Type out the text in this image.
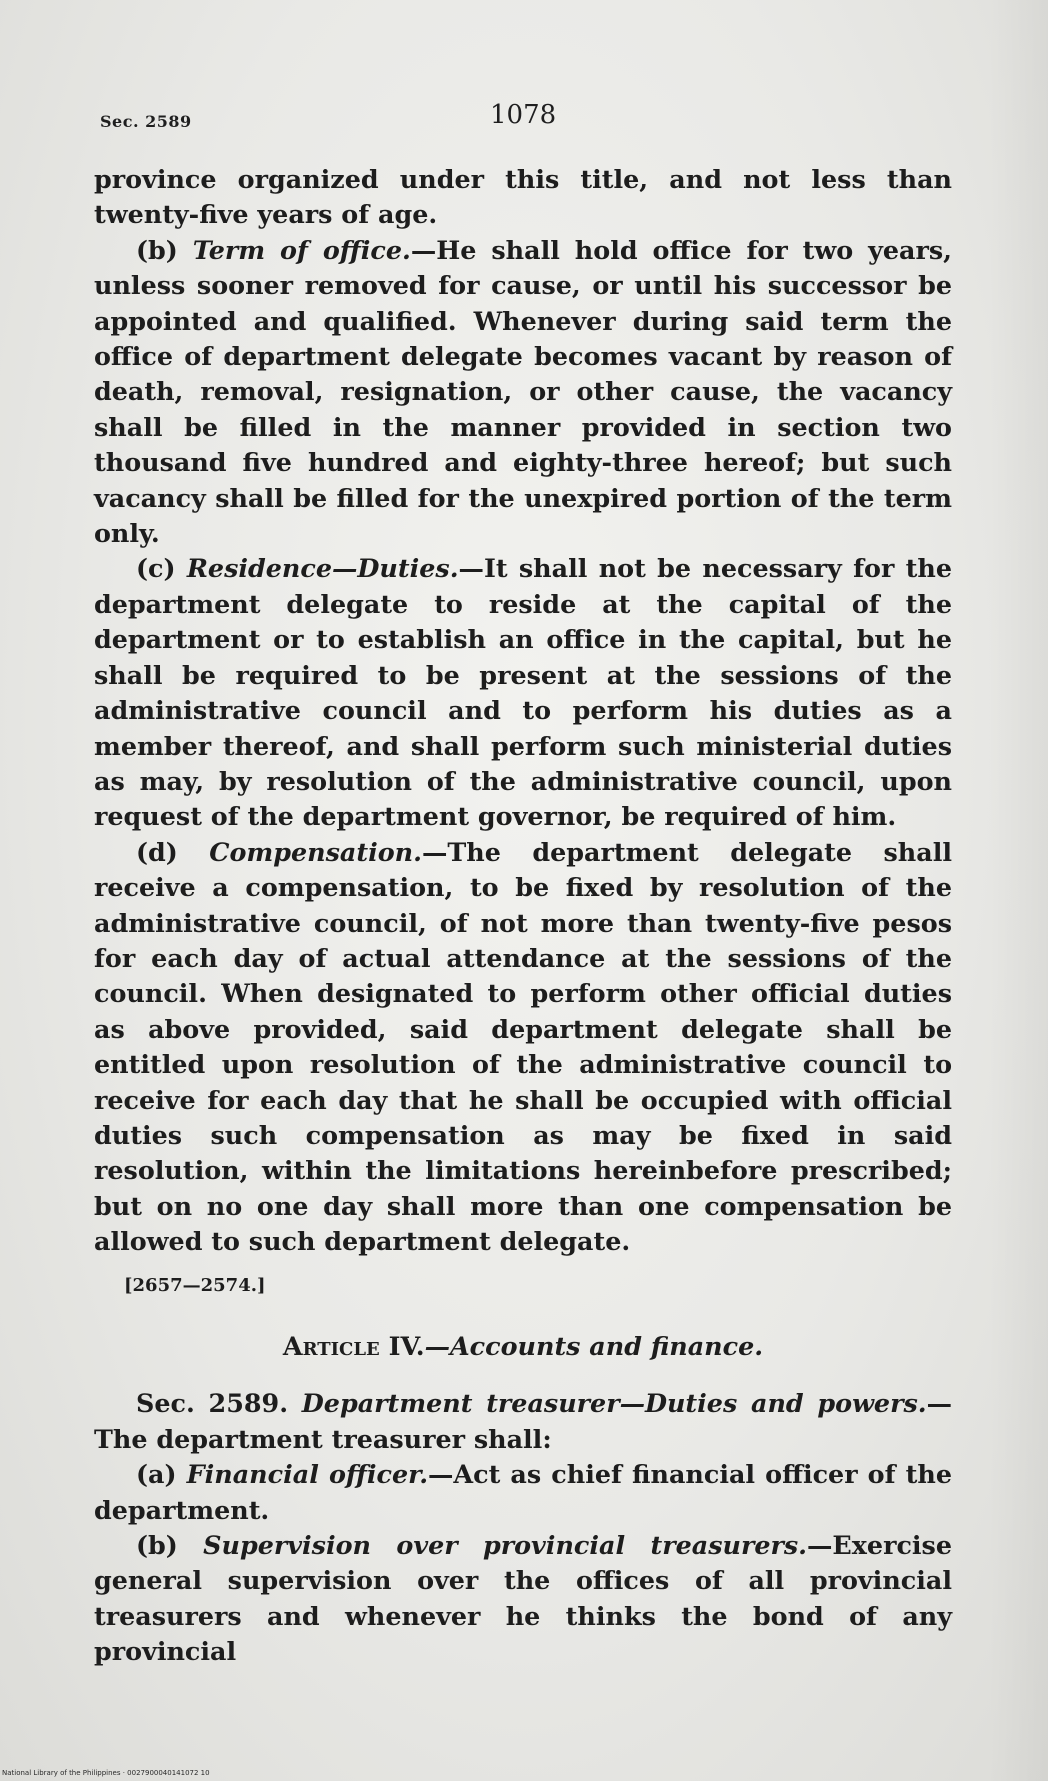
Sec. 2589	1078

province organized under this title, and not less than twenty-five years of age.

(b) Term of office.—He shall hold office for two years, unless sooner removed for cause, or until his successor be appointed and qualified. Whenever during said term the office of department delegate becomes vacant by reason of death, removal, resignation, or other cause, the vacancy shall be filled in the manner provided in section two thousand five hundred and eighty-three hereof; but such vacancy shall be filled for the unexpired portion of the term only.

(c) Residence—Duties.—It shall not be necessary for the department delegate to reside at the capital of the department or to establish an office in the capital, but he shall be required to be present at the sessions of the administrative council and to perform his duties as a member thereof, and shall perform such ministerial duties as may, by resolution of the administrative council, upon request of the department governor, be required of him.

(d) Compensation.—The department delegate shall receive a compensation, to be fixed by resolution of the administrative council, of not more than twenty-five pesos for each day of actual attendance at the sessions of the council. When designated to perform other official duties as above provided, said department delegate shall be entitled upon resolution of the administrative council to receive for each day that he shall be occupied with official duties such compensation as may be fixed in said resolution, within the limitations hereinbefore prescribed; but on no one day shall more than one compensation be allowed to such department delegate.

[2657—2574.]

Article IV.—Accounts and finance.

Sec. 2589. Department treasurer—Duties and powers.— The department treasurer shall:

(a) Financial officer.—Act as chief financial officer of the department.

(b) Supervision over provincial treasurers.—Exercise general supervision over the offices of all provincial treasurers and whenever he thinks the bond of any provincial

National Library of the Philippines · 0027900040141072 10
